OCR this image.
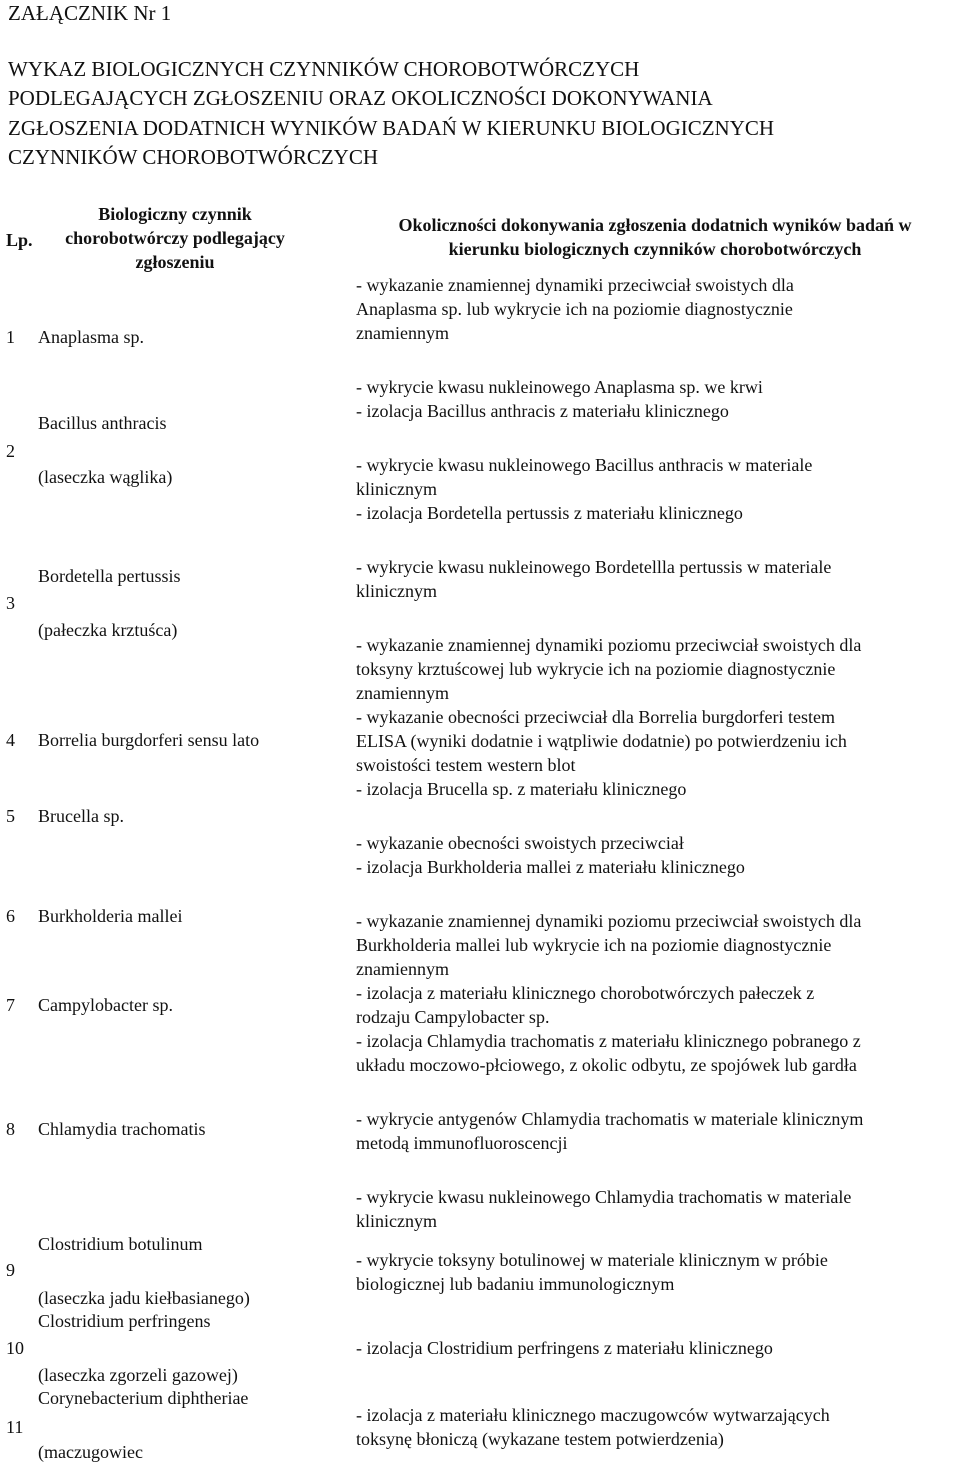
ZAŁĄCZNIK Nr 1
WYKAZ BIOLOGICZNYCH CZYNNIKÓW CHOROBOTWÓRCZYCH
PODLEGAJĄCYCH ZGŁOSZENIU ORAZ OKOLICZNOŚCI DOKONYWANIA
ZGŁOSZENIA DODATNICH WYNIKÓW BADAŃ W KIERUNKU BIOLOGICZNYCH
CZYNNIKÓW CHOROBOTWÓRCZYCH
Lp.
Biologiczny czynnik
chorobotwórczy podlegający
zgłoszeniu
Okoliczności dokonywania zgłoszenia dodatnich wyników badań w
kierunku biologicznych czynników chorobotwórczych
1
2
3
4
5
6
7
8
9
10
11
Anaplasma sp.
Bacillus anthracis
(laseczka wąglika)
Bordetella pertussis
(pałeczka krztuśca)
Borrelia burgdorferi sensu lato
Brucella sp.
Burkholderia mallei
Campylobacter sp.
Chlamydia trachomatis
Clostridium botulinum
(laseczka jadu kiełbasianego)
Clostridium perfringens
(laseczka zgorzeli gazowej)
Corynebacterium diphtheriae
(maczugowiec
- wykazanie znamiennej dynamiki przeciwciał swoistych dla
Anaplasma sp. lub wykrycie ich na poziomie diagnostycznie
znamiennym
- wykrycie kwasu nukleinowego Anaplasma sp. we krwi
- izolacja Bacillus anthracis z materiału klinicznego
- wykrycie kwasu nukleinowego Bacillus anthracis w materiale
klinicznym
- izolacja Bordetella pertussis z materiału klinicznego
- wykrycie kwasu nukleinowego Bordetellla pertussis w materiale
klinicznym
- wykazanie znamiennej dynamiki poziomu przeciwciał swoistych dla
toksyny krztuścowej lub wykrycie ich na poziomie diagnostycznie
znamiennym
- wykazanie obecności przeciwciał dla Borrelia burgdorferi testem
ELISA (wyniki dodatnie i wątpliwie dodatnie) po potwierdzeniu ich
swoistości testem western blot
- izolacja Brucella sp. z materiału klinicznego
- wykazanie obecności swoistych przeciwciał
- izolacja Burkholderia mallei z materiału klinicznego
- wykazanie znamiennej dynamiki poziomu przeciwciał swoistych dla
Burkholderia mallei lub wykrycie ich na poziomie diagnostycznie
znamiennym
- izolacja z materiału klinicznego chorobotwórczych pałeczek z
rodzaju Campylobacter sp.
- izolacja Chlamydia trachomatis z materiału klinicznego pobranego z
układu moczowo-płciowego, z okolic odbytu, ze spojówek lub gardła
- wykrycie antygenów Chlamydia trachomatis w materiale klinicznym
metodą immunofluoroscencji
- wykrycie kwasu nukleinowego Chlamydia trachomatis w materiale
klinicznym
- wykrycie toksyny botulinowej w materiale klinicznym w próbie
biologicznej lub badaniu immunologicznym
- izolacja Clostridium perfringens z materiału klinicznego
- izolacja z materiału klinicznego maczugowców wytwarzających
toksynę błoniczą (wykazane testem potwierdzenia)
